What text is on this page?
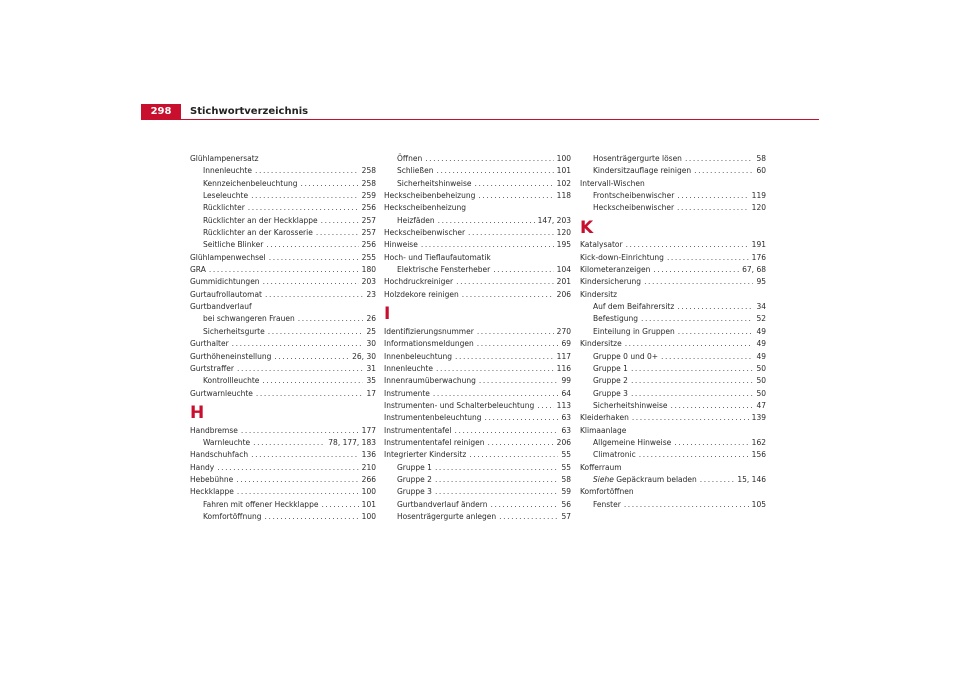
298 Stichwortverzeichnis
Glühlampenersatz
Innenleuchte .....	258
Kennzeichenbeleuchtung .....	258
Leseleuchte .....	259
Rücklichter .....	256
Rücklichter an der Heckklappe .....	257
Rücklichter an der Karosserie .....	257
Seitliche Blinker .....	256
Glühlampenwechsel .....	255
GRA .....	180
Gummidichtungen .....	203
Gurtaufrollautomat .....	23
Gurtbandverlauf
bei schwangeren Frauen .....	26
Sicherheitsgurte .....	25
Gurthalter .....	30
Gurthöheneinstellung .....	26, 30
Gurtstraffer .....	31
Kontrollleuchte .....	35
Gurtwarnleuchte .....	17
H
Handbremse .....	177
Warnleuchte .....	78, 177, 183
Handschuhfach .....	136
Handy .....	210
Hebebühne .....	266
Heckklappe .....	100
Fahren mit offener Heckklappe .....	101
Komfortöffnung .....	100
Öffnen .....	100
Schließen .....	101
Sicherheitshinweise .....	102
Heckscheibenbeheizung .....	118
Heckscheibenheizung
Heizfäden .....	147, 203
Heckscheibenwischer .....	120
Hinweise .....	195
Hoch- und Tieflaufautomatik
Elektrische Fensterheber .....	104
Hochdruckreiniger .....	201
Holzdekore reinigen .....	206
I
Identifizierungsnummer .....	270
Informationsmeldungen .....	69
Innenbeleuchtung .....	117
Innenleuchte .....	116
Innenraumüberwachung .....	99
Instrumente .....	64
Instrumenten- und Schalterbeleuchtung .....	113
Instrumentenbeleuchtung .....	63
Instrumententafel .....	63
Instrumententafel reinigen .....	206
Integrierter Kindersitz .....	55
Gruppe 1 .....	55
Gruppe 2 .....	58
Gruppe 3 .....	59
Gurtbandverlauf ändern .....	56
Hosenträgergurte anlegen .....	57
Hosenträgergurte lösen .....	58
Kindersitzauflage reinigen .....	60
Intervall-Wischen
Frontscheibenwischer .....	119
Heckscheibenwischer .....	120
K
Katalysator .....	191
Kick-down-Einrichtung .....	176
Kilometeranzeigen .....	67, 68
Kindersicherung .....	95
Kindersitz
Auf dem Beifahrersitz .....	34
Befestigung .....	52
Einteilung in Gruppen .....	49
Kindersitze .....	49
Gruppe 0 und 0+ .....	49
Gruppe 1 .....	50
Gruppe 2 .....	50
Gruppe 3 .....	50
Sicherheitshinweise .....	47
Kleiderhaken .....	139
Klimaanlage
Allgemeine Hinweise .....	162
Climatronic .....	156
Kofferraum
Siehe Gepäckraum beladen .....	15, 146
Komfortöffnen
Fenster .....	105
